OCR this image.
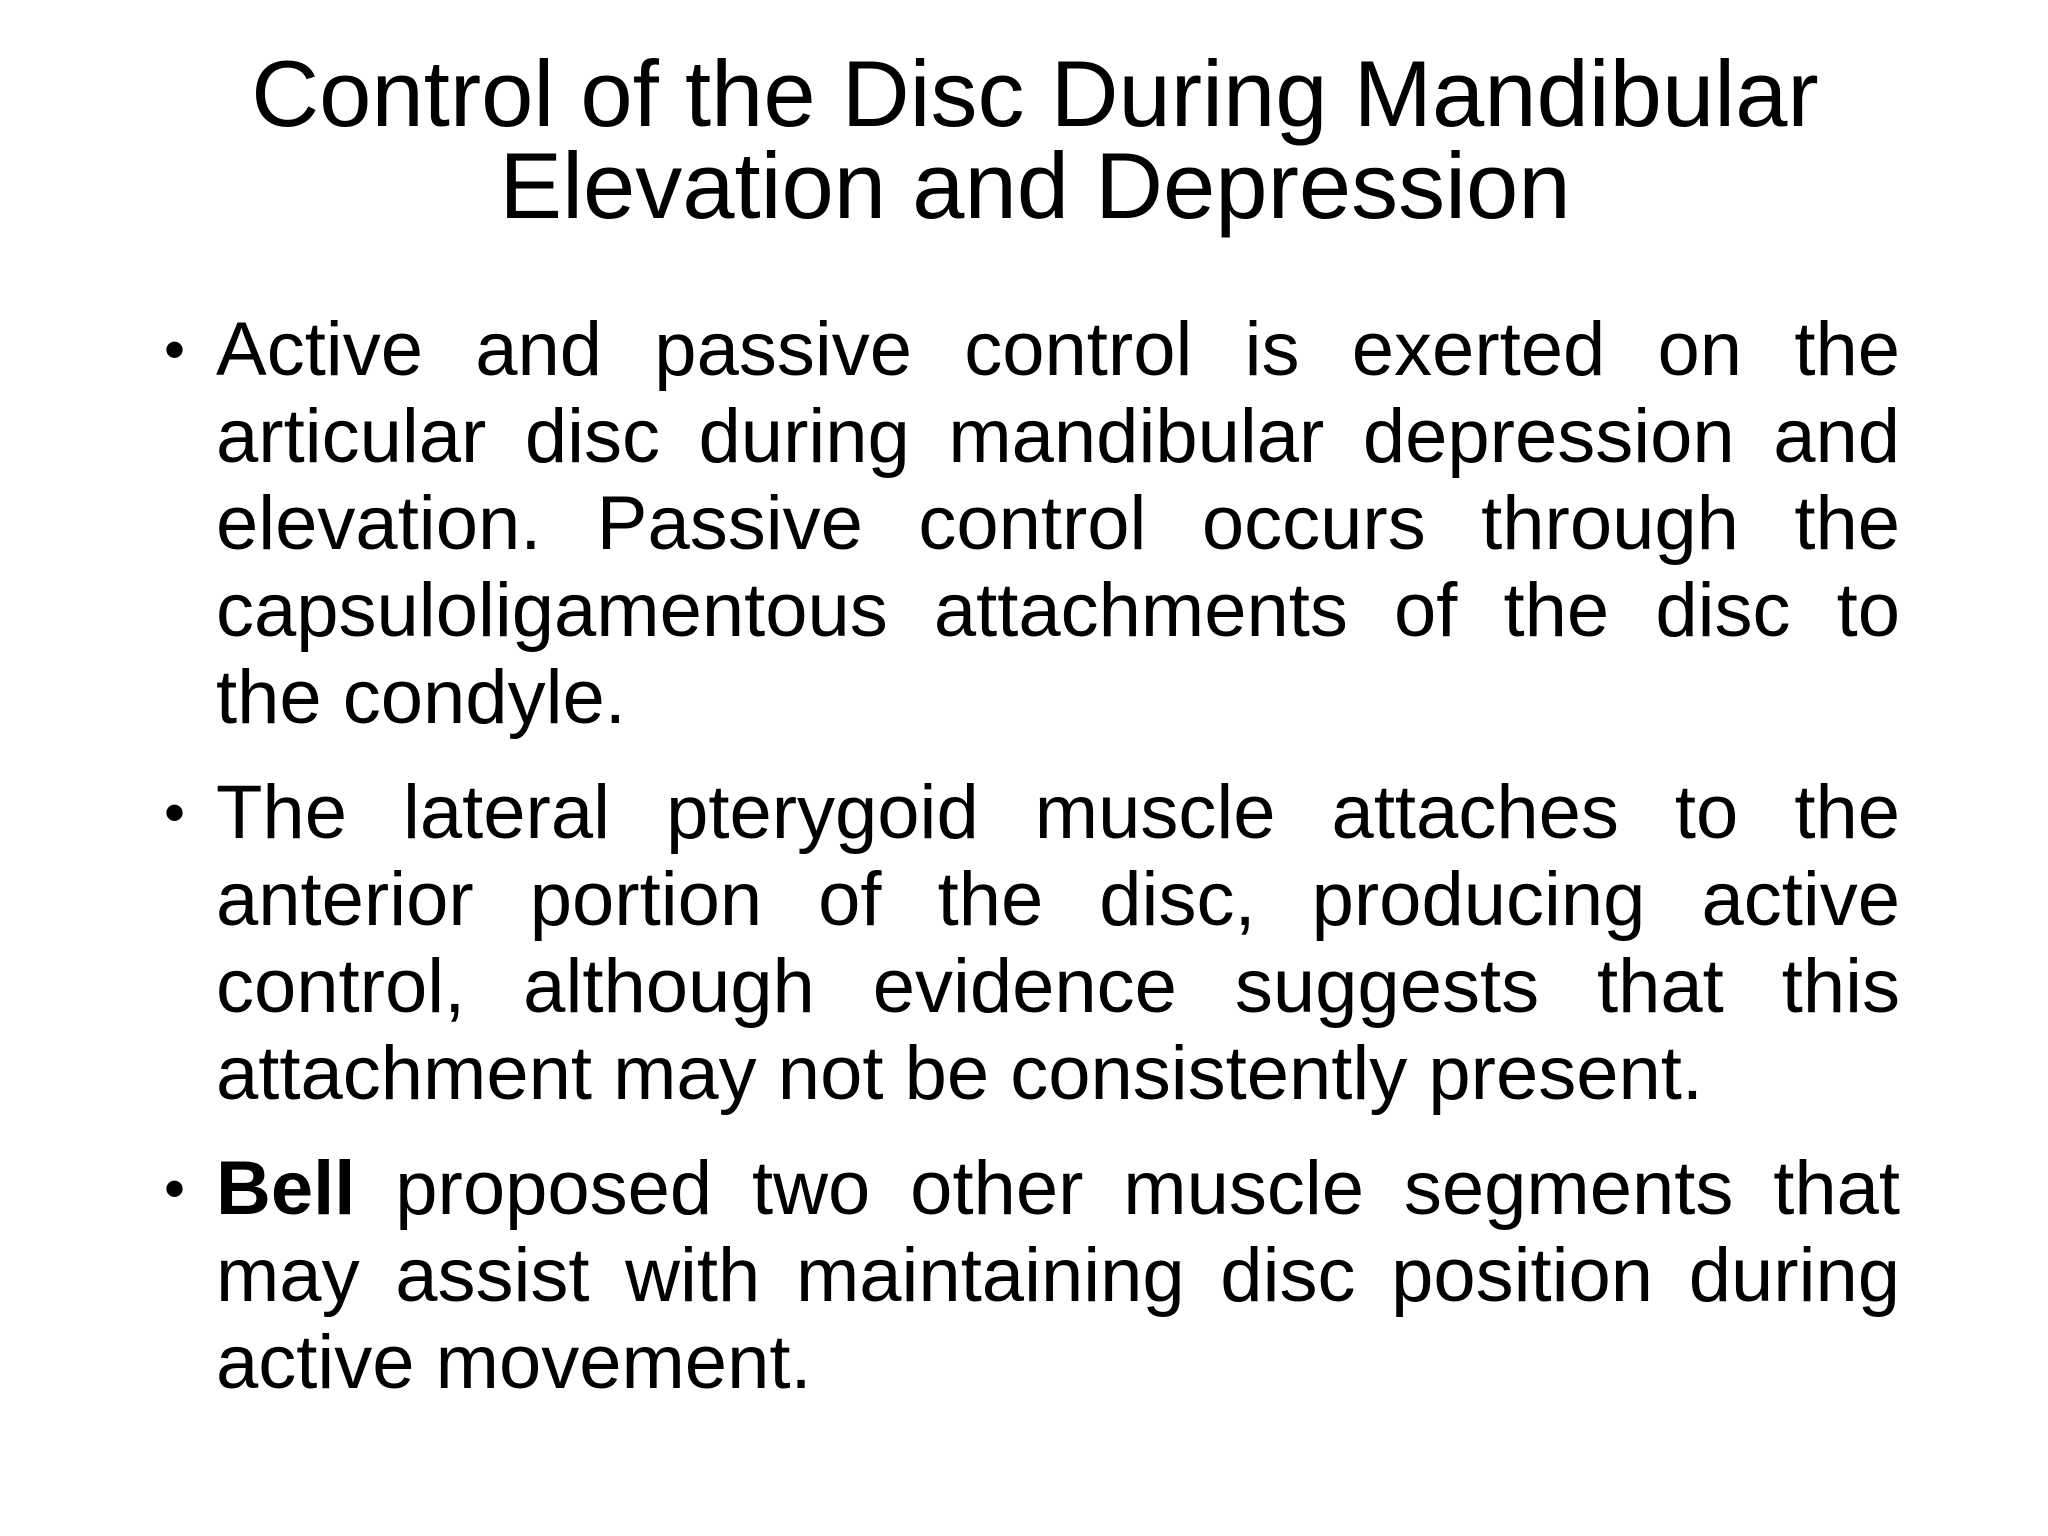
Control of the Disc During Mandibular
Elevation and Depression
• Active and passive control is exerted on the articular disc during mandibular depression and elevation. Passive control occurs through the capsuloligamentous attachments of the disc to the condyle.
• The lateral pterygoid muscle attaches to the anterior portion of the disc, producing active control, although evidence suggests that this attachment may not be consistently present.
• Bell proposed two other muscle segments that may assist with maintaining disc position during active movement.
